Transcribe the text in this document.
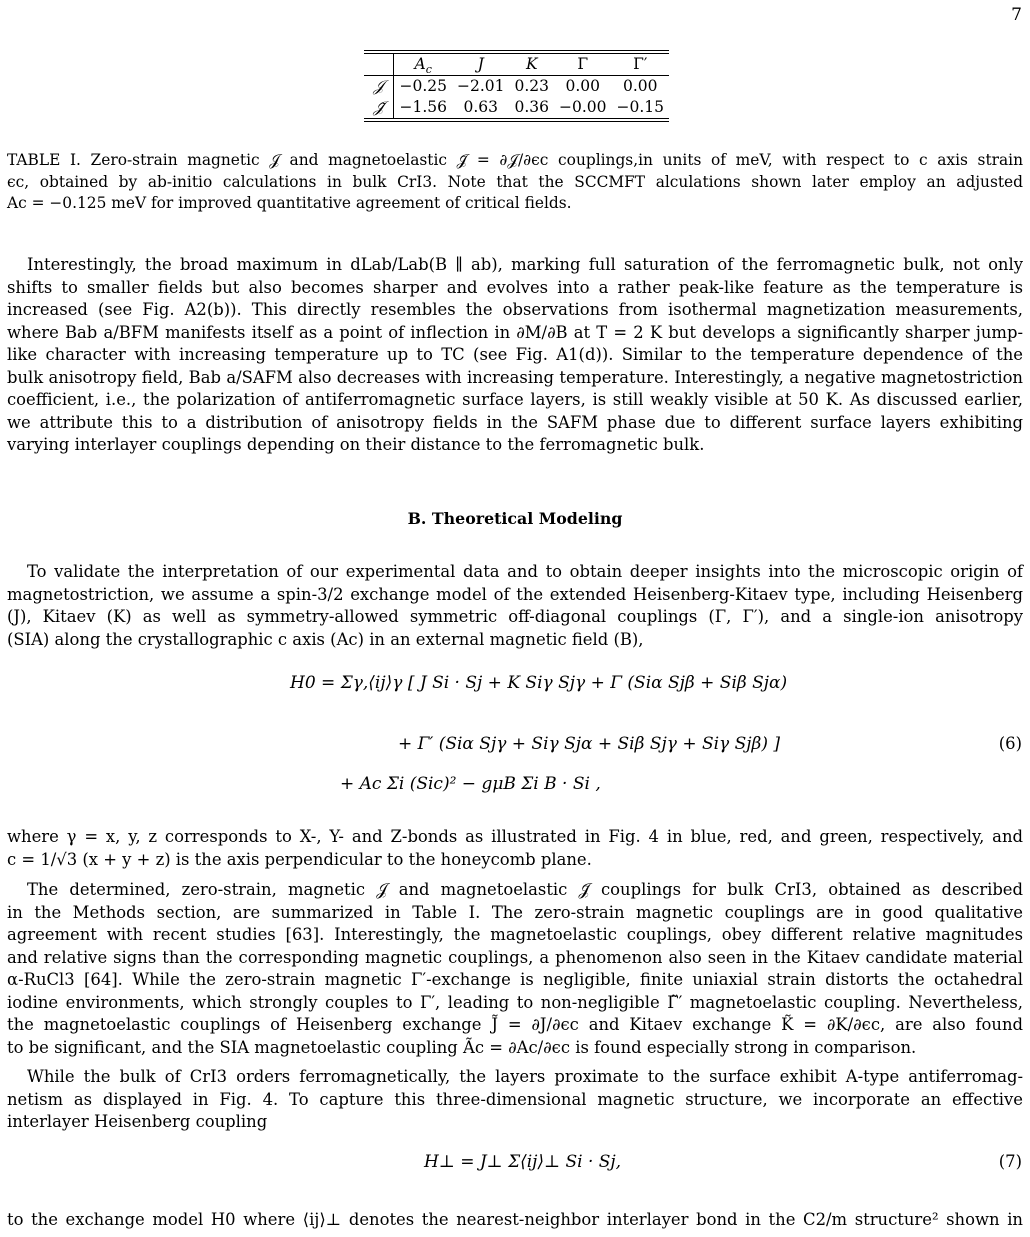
7
	$A_c$	J	K	Γ	Γ′
𝒥	−0.25	−2.01	0.23	0.00	0.00
𝒥̃	−1.56	0.63	0.36	−0.00	−0.15
TABLE I. Zero-strain magnetic 𝒥 and magnetoelastic 𝒥̃ = ∂𝒥/∂ϵc couplings,in units of meV, with respect to c axis strain
ϵc, obtained by ab-initio calculations in bulk CrI3. Note that the SCCMFT alculations shown later employ an adjusted
Ac = −0.125 meV for improved quantitative agreement of critical fields.
Interestingly, the broad maximum in dLab/Lab(B ∥ ab), marking full saturation of the ferromagnetic bulk, not only
shifts to smaller fields but also becomes sharper and evolves into a rather peak-like feature as the temperature is
increased (see Fig. A2(b)). This directly resembles the observations from isothermal magnetization measurements,
where Bab a/BFM manifests itself as a point of inflection in ∂M/∂B at T = 2 K but develops a significantly sharper jump-
like character with increasing temperature up to TC (see Fig. A1(d)). Similar to the temperature dependence of the
bulk anisotropy field, Bab a/SAFM also decreases with increasing temperature. Interestingly, a negative magnetostriction
coefficient, i.e., the polarization of antiferromagnetic surface layers, is still weakly visible at 50 K. As discussed earlier,
we attribute this to a distribution of anisotropy fields in the SAFM phase due to different surface layers exhibiting
varying interlayer couplings depending on their distance to the ferromagnetic bulk.
B. Theoretical Modeling
To validate the interpretation of our experimental data and to obtain deeper insights into the microscopic origin of
magnetostriction, we assume a spin-3/2 exchange model of the extended Heisenberg-Kitaev type, including Heisenberg
(J), Kitaev (K) as well as symmetry-allowed symmetric off-diagonal couplings (Γ, Γ′), and a single-ion anisotropy
(SIA) along the crystallographic c axis (Ac) in an external magnetic field (B),
H0 = Σγ,⟨ij⟩γ [ J Si · Sj + K Siγ Sjγ + Γ (Siα Sjβ + Siβ Sjα)
+ Γ′ (Siα Sjγ + Siγ Sjα + Siβ Sjγ + Siγ Sjβ) ]
+ Ac Σi (Sic)² − gμB Σi B · Si ,
(6)
where γ = x, y, z corresponds to X-, Y- and Z-bonds as illustrated in Fig. 4 in blue, red, and green, respectively, and
c = 1/√3 (x + y + z) is the axis perpendicular to the honeycomb plane.
The determined, zero-strain, magnetic 𝒥 and magnetoelastic 𝒥̃ couplings for bulk CrI3, obtained as described
in the Methods section, are summarized in Table I. The zero-strain magnetic couplings are in good qualitative
agreement with recent studies [63]. Interestingly, the magnetoelastic couplings, obey different relative magnitudes
and relative signs than the corresponding magnetic couplings, a phenomenon also seen in the Kitaev candidate material
α-RuCl3 [64]. While the zero-strain magnetic Γ′-exchange is negligible, finite uniaxial strain distorts the octahedral
iodine environments, which strongly couples to Γ′, leading to non-negligible Γ̃′ magnetoelastic coupling. Nevertheless,
the magnetoelastic couplings of Heisenberg exchange J̃ = ∂J/∂ϵc and Kitaev exchange K̃ = ∂K/∂ϵc, are also found
to be significant, and the SIA magnetoelastic coupling Ãc = ∂Ac/∂ϵc is found especially strong in comparison.
While the bulk of CrI3 orders ferromagnetically, the layers proximate to the surface exhibit A-type antiferromag-
netism as displayed in Fig. 4. To capture this three-dimensional magnetic structure, we incorporate an effective
interlayer Heisenberg coupling
H⊥ = J⊥ Σ⟨ij⟩⊥ Si · Sj,	(7)
to the exchange model H0 where ⟨ij⟩⊥ denotes the nearest-neighbor interlayer bond in the C2/m structure² shown in
